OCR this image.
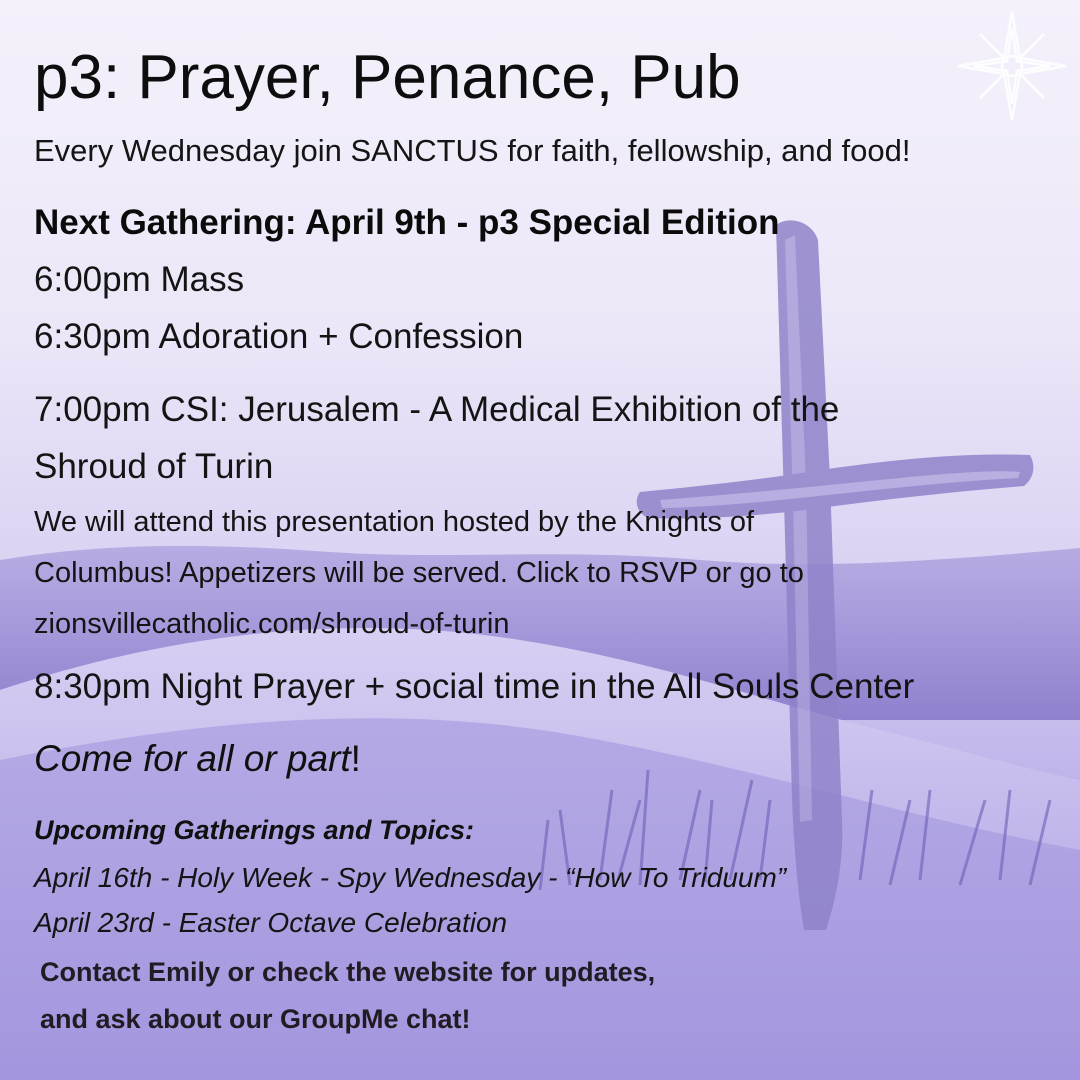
p3: Prayer, Penance, Pub

Every Wednesday join SANCTUS for faith, fellowship, and food!

Next Gathering: April 9th - p3 Special Edition

6:00pm Mass

6:30pm Adoration + Confession

7:00pm CSI: Jerusalem - A Medical Exhibition of the

Shroud of Turin

We will attend this presentation hosted by the Knights of

Columbus! Appetizers will be served. Click to RSVP or go to

zionsvillecatholic.com/shroud-of-turin

8:30pm Night Prayer + social time in the All Souls Center

Come for all or part!

Upcoming Gatherings and Topics:

April 16th - Holy Week - Spy Wednesday - “How To Triduum”

April 23rd - Easter Octave Celebration

Contact Emily or check the website for updates,

and ask about our GroupMe chat!
